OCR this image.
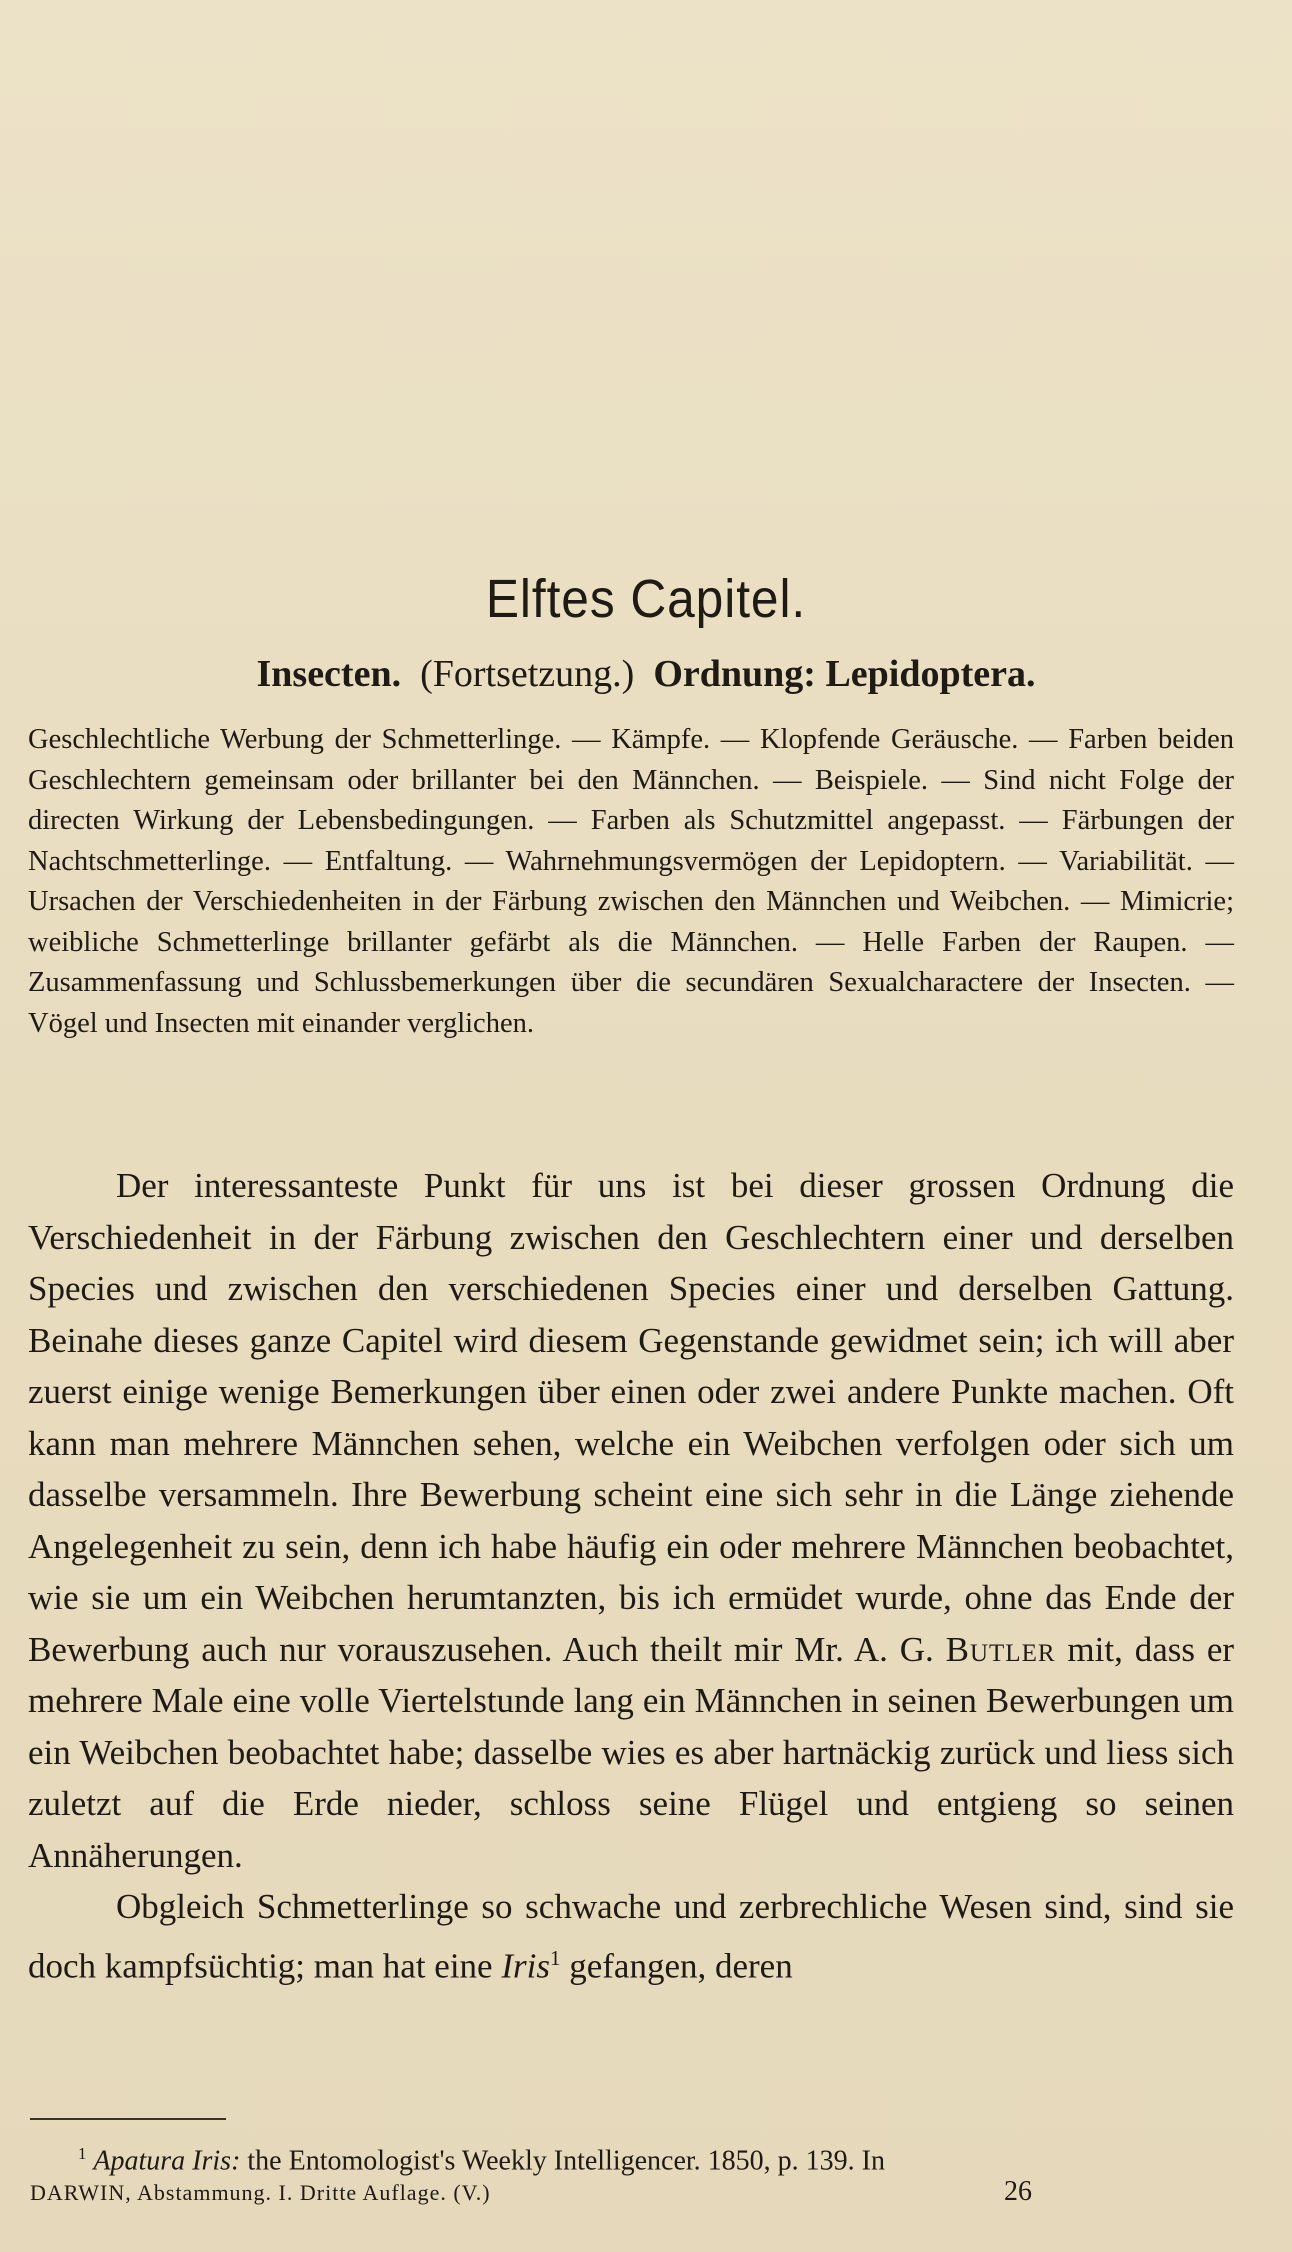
Elftes Capitel.
Insecten. (Fortsetzung.) Ordnung: Lepidoptera.

Geschlechtliche Werbung der Schmetterlinge. — Kämpfe. — Klopfende Geräusche. — Farben beiden Geschlechtern gemeinsam oder brillanter bei den Männchen. — Beispiele. — Sind nicht Folge der directen Wirkung der Lebensbedingungen. — Farben als Schutzmittel angepasst. — Färbungen der Nachtschmetterlinge. — Entfaltung. — Wahrnehmungsvermögen der Lepidoptern. — Variabilität. — Ursachen der Verschiedenheiten in der Färbung zwischen den Männchen und Weibchen. — Mimicrie; weibliche Schmetterlinge brillanter gefärbt als die Männchen. — Helle Farben der Raupen. — Zusammenfassung und Schlussbemerkungen über die secundären Sexualcharactere der Insecten. — Vögel und Insecten mit einander verglichen.

Der interessanteste Punkt für uns ist bei dieser grossen Ordnung die Verschiedenheit in der Färbung zwischen den Geschlechtern einer und derselben Species und zwischen den verschiedenen Species einer und derselben Gattung. Beinahe dieses ganze Capitel wird diesem Gegenstande gewidmet sein; ich will aber zuerst einige wenige Bemerkungen über einen oder zwei andere Punkte machen. Oft kann man mehrere Männchen sehen, welche ein Weibchen verfolgen oder sich um dasselbe versammeln. Ihre Bewerbung scheint eine sich sehr in die Länge ziehende Angelegenheit zu sein, denn ich habe häufig ein oder mehrere Männchen beobachtet, wie sie um ein Weibchen herumtanzten, bis ich ermüdet wurde, ohne das Ende der Bewerbung auch nur vorauszusehen. Auch theilt mir Mr. A. G. Butler mit, dass er mehrere Male eine volle Viertelstunde lang ein Männchen in seinen Bewerbungen um ein Weibchen beobachtet habe; dasselbe wies es aber hartnäckig zurück und liess sich zuletzt auf die Erde nieder, schloss seine Flügel und entgieng so seinen Annäherungen.

Obgleich Schmetterlinge so schwache und zerbrechliche Wesen sind, sind sie doch kampfsüchtig; man hat eine Iris$^1$ gefangen, deren

$^1$ Apatura Iris: the Entomologist's Weekly Intelligencer. 1850, p. 139. In
DARWIN, Abstammung. I. Dritte Auflage. (V.)	26
